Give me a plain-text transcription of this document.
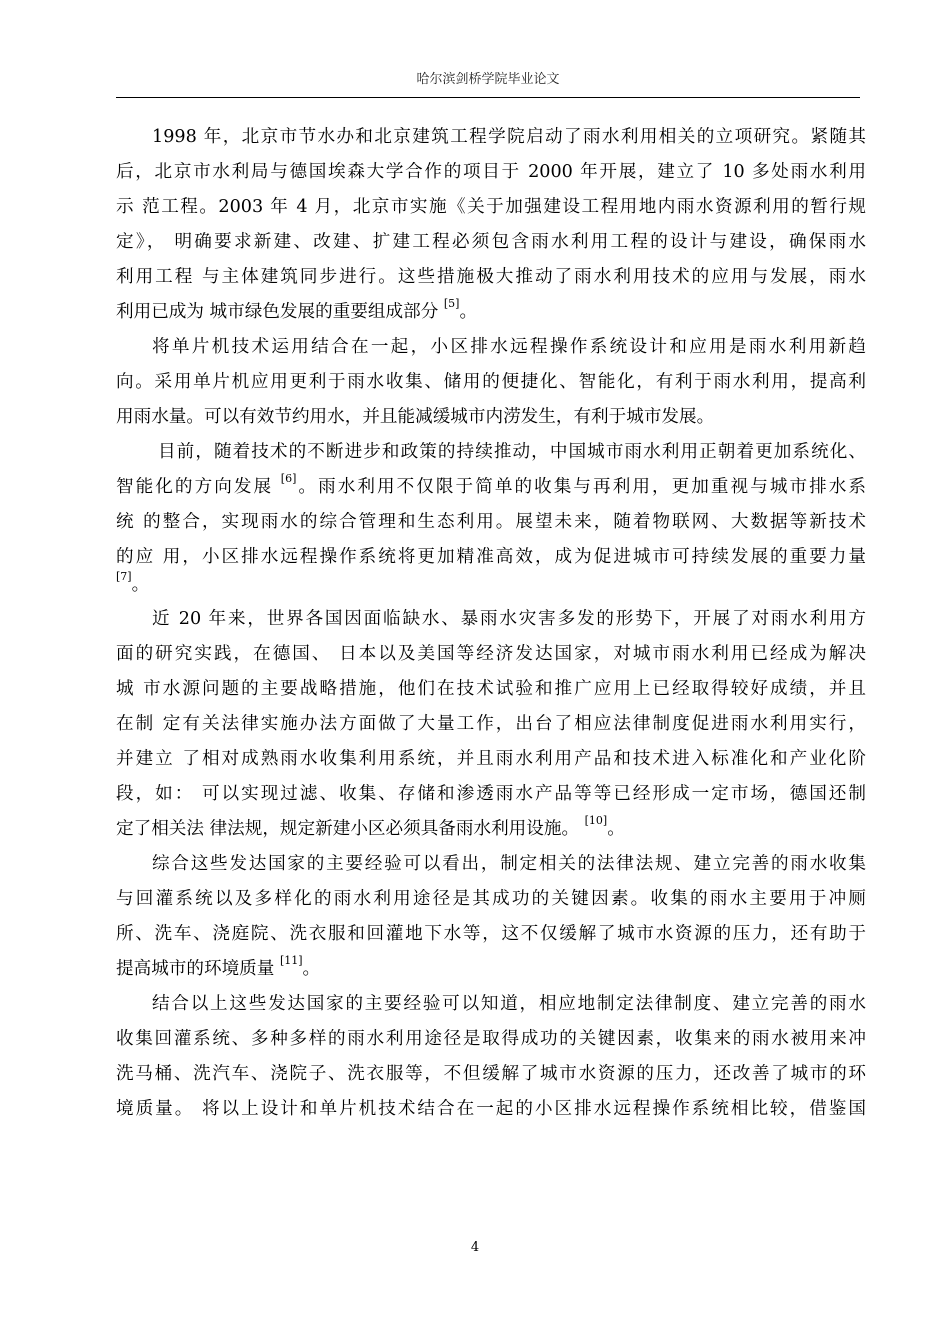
哈尔滨剑桥学院毕业论文
1998 年，北京市节水办和北京建筑工程学院启动了雨水利用相关的立项研究。紧随其
后，北京市水利局与德国埃森大学合作的项目于 2000 年开展，建立了 10 多处雨水利用
示 范工程。2003 年 4 月，北京市实施《关于加强建设工程用地内雨水资源利用的暂行规
定》， 明确要求新建、改建、扩建工程必须包含雨水利用工程的设计与建设，确保雨水
利用工程 与主体建筑同步进行。这些措施极大推动了雨水利用技术的应用与发展，雨水
利用已成为 城市绿色发展的重要组成部分 [5]。
将单片机技术运用结合在一起，小区排水远程操作系统设计和应用是雨水利用新趋
向。采用单片机应用更利于雨水收集、储用的便捷化、智能化，有利于雨水利用，提高利
用雨水量。可以有效节约用水，并且能减缓城市内涝发生，有利于城市发展。
目前，随着技术的不断进步和政策的持续推动，中国城市雨水利用正朝着更加系统化、
智能化的方向发展 [6]。雨水利用不仅限于简单的收集与再利用，更加重视与城市排水系
统 的整合，实现雨水的综合管理和生态利用。展望未来，随着物联网、大数据等新技术
的应 用，小区排水远程操作系统将更加精准高效，成为促进城市可持续发展的重要力量
[7]。
近 20 年来，世界各国因面临缺水、暴雨水灾害多发的形势下，开展了对雨水利用方
面的研究实践，在德国、 日本以及美国等经济发达国家，对城市雨水利用已经成为解决
城 市水源问题的主要战略措施，他们在技术试验和推广应用上已经取得较好成绩，并且
在制 定有关法律实施办法方面做了大量工作，出台了相应法律制度促进雨水利用实行，
并建立 了相对成熟雨水收集利用系统，并且雨水利用产品和技术进入标准化和产业化阶
段，如： 可以实现过滤、收集、存储和渗透雨水产品等等已经形成一定市场，德国还制
定了相关法 律法规，规定新建小区必须具备雨水利用设施。 [10]。
综合这些发达国家的主要经验可以看出，制定相关的法律法规、建立完善的雨水收集
与回灌系统以及多样化的雨水利用途径是其成功的关键因素。收集的雨水主要用于冲厕
所、洗车、浇庭院、洗衣服和回灌地下水等，这不仅缓解了城市水资源的压力，还有助于
提高城市的环境质量 [11]。
结合以上这些发达国家的主要经验可以知道，相应地制定法律制度、建立完善的雨水
收集回灌系统、多种多样的雨水利用途径是取得成功的关键因素，收集来的雨水被用来冲
洗马桶、洗汽车、浇院子、洗衣服等，不但缓解了城市水资源的压力，还改善了城市的环
境质量。 将以上设计和单片机技术结合在一起的小区排水远程操作系统相比较，借鉴国
4
